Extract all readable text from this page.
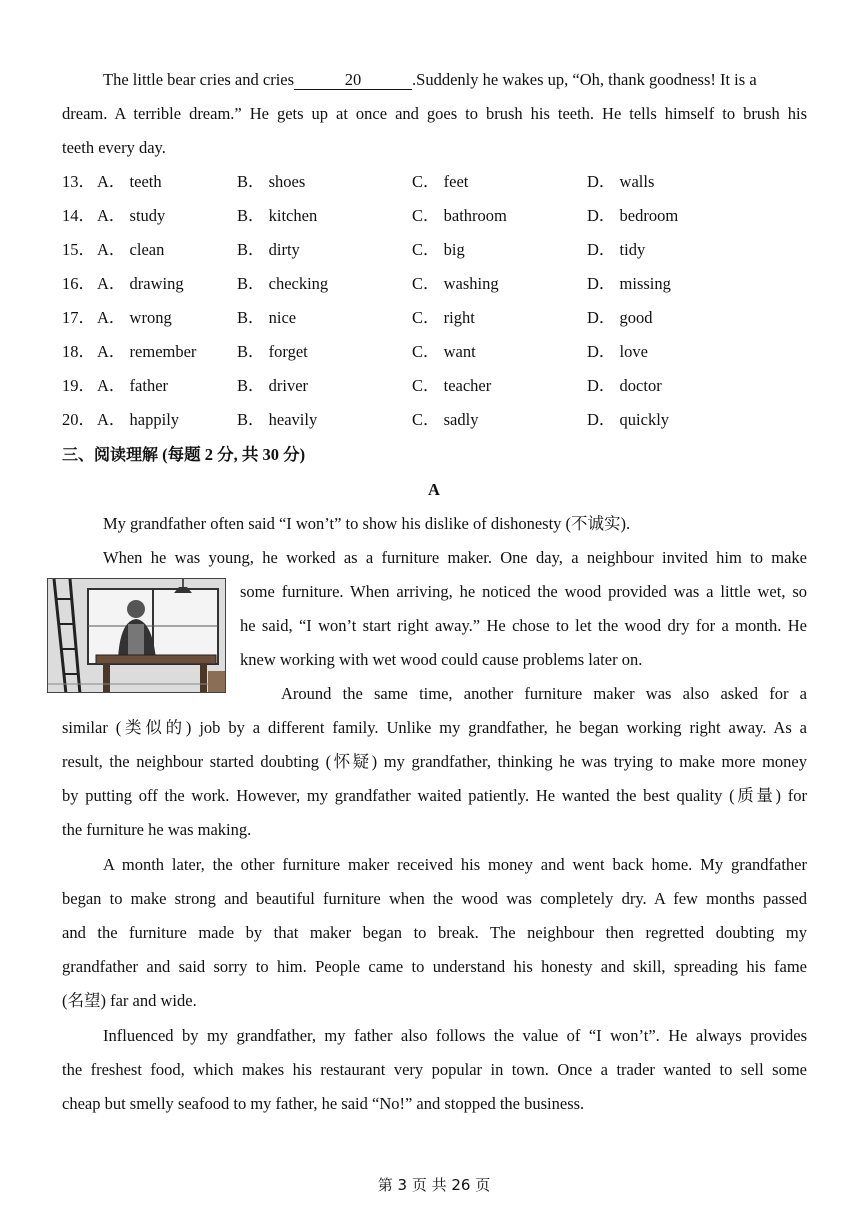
The little bear cries and cries	20	.Suddenly he wakes up, “Oh, thank goodness! It is a
dream. A terrible dream.” He gets up at once and goes to brush his teeth. He tells himself to brush his
teeth every day.
13． A． teeth	B． shoes	C． feet	D． walls
14． A． study	B． kitchen	C． bathroom	D． bedroom
15． A． clean	B． dirty	C． big	D． tidy
16． A． drawing	B． checking	C． washing	D． missing
17． A． wrong	B． nice	C． right	D． good
18． A． remember B． forget	C． want	D． love
19． A． father	B． driver	C． teacher	D． doctor
20． A． happily	B． heavily	C． sadly	D． quickly
三、阅读理解 (每题 2 分, 共 30 分)
A
My grandfather often said “I won’t” to show his dislike of dishonesty (不诚实).
When he was young, he worked as a furniture maker. One day, a neighbour invited him to make
some furniture. When arriving, he noticed the wood provided was a little wet, so
he said, “I won’t start right away.” He chose to let the wood dry for a month. He
knew working with wet wood could cause problems later on.
Around the same time, another furniture maker was also asked for a
similar (类似的) job by a different family. Unlike my grandfather, he began working right away. As a
result, the neighbour started doubting (怀疑) my grandfather, thinking he was trying to make more money
by putting off the work. However, my grandfather waited patiently. He wanted the best quality (质量) for
the furniture he was making.
A month later, the other furniture maker received his money and went back home. My grandfather
began to make strong and beautiful furniture when the wood was completely dry. A few months passed
and the furniture made by that maker began to break. The neighbour then regretted doubting my
grandfather and said sorry to him. People came to understand his honesty and skill, spreading his fame
(名望) far and wide.
Influenced by my grandfather, my father also follows the value of “I won’t”. He always provides
the freshest food, which makes his restaurant very popular in town. Once a trader wanted to sell some
cheap but smelly seafood to my father, he said “No!” and stopped the business.
第 3 页 共 26 页
